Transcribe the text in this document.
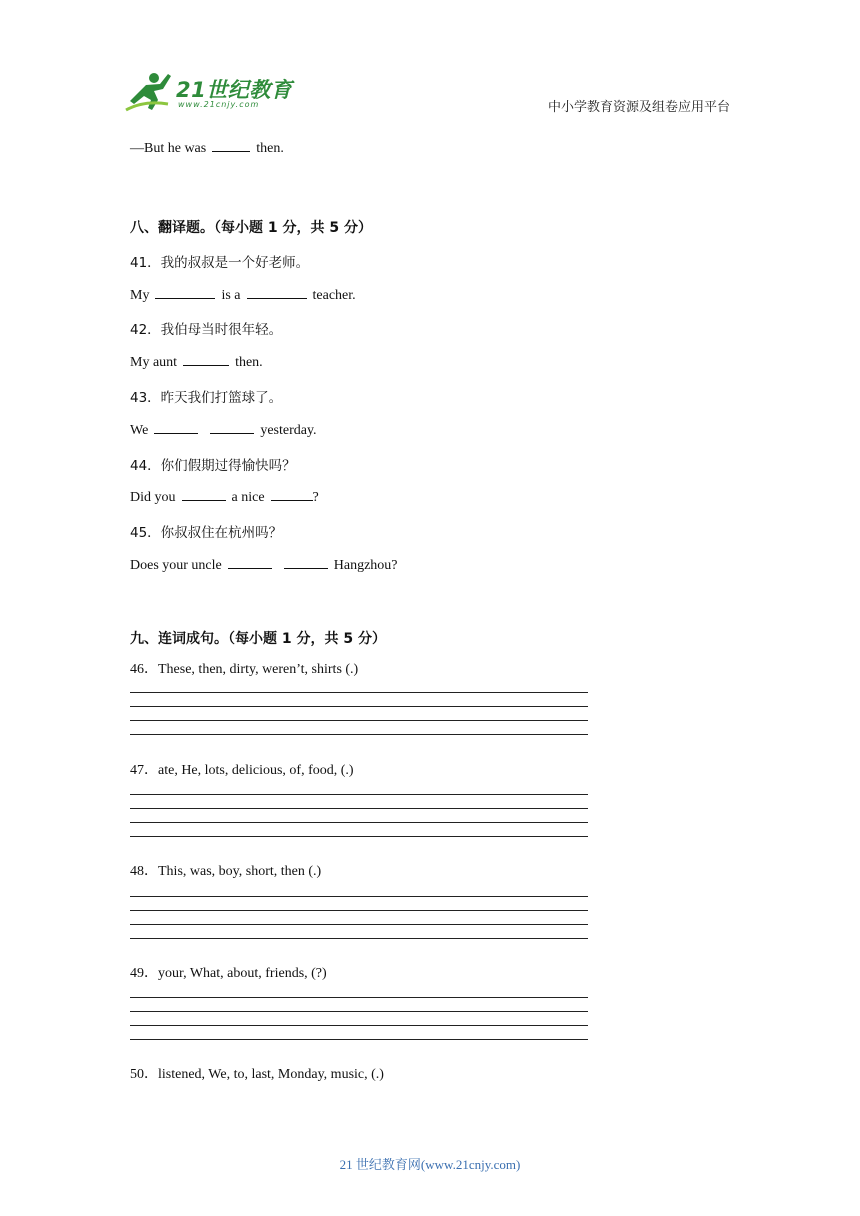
21世纪教育
www.21cnjy.com	中小学教育资源及组卷应用平台
—But he was	then.
八、翻译题。（每小题 1 分，共 5 分）
41．我的叔叔是一个好老师。
My	is a	teacher.
42．我伯母当时很年轻。
My aunt	then.
43．昨天我们打篮球了。
We	yesterday.
44．你们假期过得愉快吗？
Did you	a nice	?
45．你叔叔住在杭州吗？
Does your uncle	Hangzhou?
九、连词成句。（每小题 1 分，共 5 分）
46．These, then, dirty, weren’t, shirts (.)
47．ate, He, lots, delicious, of, food, (.)
48．This, was, boy, short, then (.)
49．your, What, about, friends, (?)
50．listened, We, to, last, Monday, music, (.)
21 世纪教育网(www.21cnjy.com)
